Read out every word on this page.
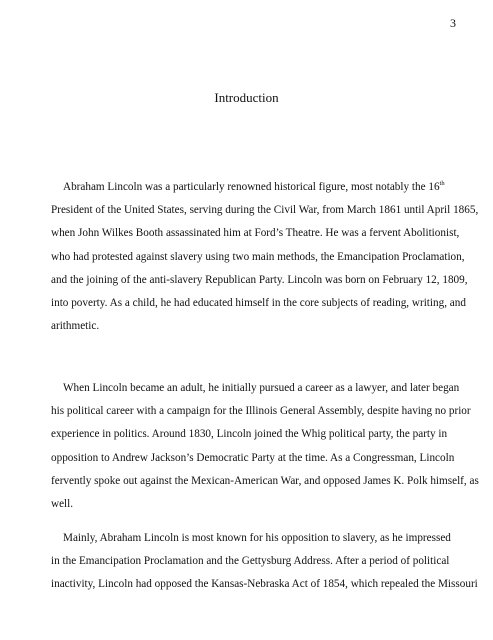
3
Introduction
Abraham Lincoln was a particularly renowned historical figure, most notably the 16th
President of the United States, serving during the Civil War, from March 1861 until April 1865,
when John Wilkes Booth assassinated him at Ford’s Theatre. He was a fervent Abolitionist,
who had protested against slavery using two main methods, the Emancipation Proclamation,
and the joining of the anti-slavery Republican Party. Lincoln was born on February 12, 1809,
into poverty. As a child, he had educated himself in the core subjects of reading, writing, and
arithmetic.
When Lincoln became an adult, he initially pursued a career as a lawyer, and later began
his political career with a campaign for the Illinois General Assembly, despite having no prior
experience in politics. Around 1830, Lincoln joined the Whig political party, the party in
opposition to Andrew Jackson’s Democratic Party at the time. As a Congressman, Lincoln
fervently spoke out against the Mexican-American War, and opposed James K. Polk himself, as
well.
Mainly, Abraham Lincoln is most known for his opposition to slavery, as he impressed
in the Emancipation Proclamation and the Gettysburg Address. After a period of political
inactivity, Lincoln had opposed the Kansas-Nebraska Act of 1854, which repealed the Missouri
